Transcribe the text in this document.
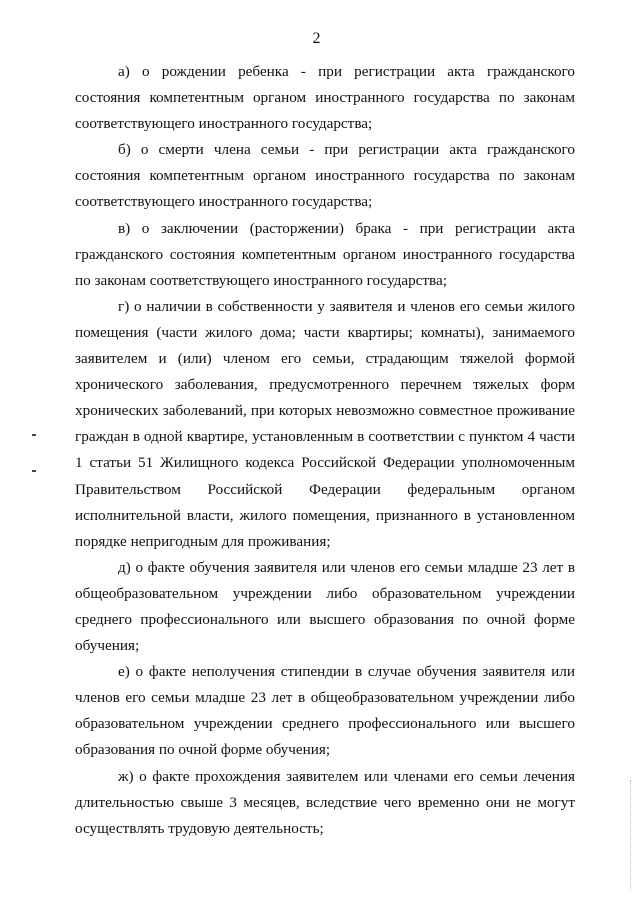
2

а) о рождении ребенка - при регистрации акта гражданского состояния компетентным органом иностранного государства по законам соответствующего иностранного государства;

б) о смерти члена семьи - при регистрации акта гражданского состояния компетентным органом иностранного государства по законам соответствующего иностранного государства;

в) о заключении (расторжении) брака - при регистрации акта гражданского состояния компетентным органом иностранного государства по законам соответствующего иностранного государства;

г) о наличии в собственности у заявителя и членов его семьи жилого помещения (части жилого дома; части квартиры; комнаты), занимаемого заявителем и (или) членом его семьи, страдающим тяжелой формой хронического заболевания, предусмотренного перечнем тяжелых форм хронических заболеваний, при которых невозможно совместное проживание граждан в одной квартире, установленным в соответствии с пунктом 4 части 1 статьи 51 Жилищного кодекса Российской Федерации уполномоченным Правительством Российской Федерации федеральным органом исполнительной власти, жилого помещения, признанного в установленном порядке непригодным для проживания;

д) о факте обучения заявителя или членов его семьи младше 23 лет в общеобразовательном учреждении либо образовательном учреждении среднего профессионального или высшего образования по очной форме обучения;

е) о факте неполучения стипендии в случае обучения заявителя или членов его семьи младше 23 лет в общеобразовательном учреждении либо образовательном учреждении среднего профессионального или высшего образования по очной форме обучения;

ж) о факте прохождения заявителем или членами его семьи лечения длительностью свыше 3 месяцев, вследствие чего временно они не могут осуществлять трудовую деятельность;
